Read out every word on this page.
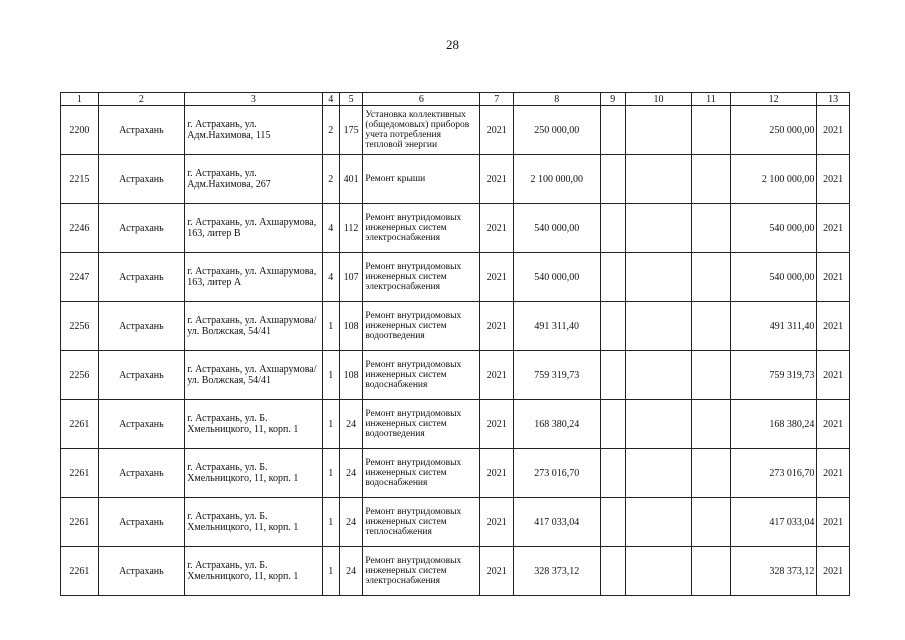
28
1	2	3	4	5	6	7	8	9	10	11	12	13
2200	Астрахань	г. Астрахань, ул. Адм.Нахимова, 115	2	175	Установка коллективных (общедомовых) приборов учета потребления тепловой энергии	2021	250 000,00				250 000,00	2021
2215	Астрахань	г. Астрахань, ул. Адм.Нахимова, 267	2	401	Ремонт крыши	2021	2 100 000,00				2 100 000,00	2021
2246	Астрахань	г. Астрахань, ул. Ахшарумова, 163, литер В	4	112	Ремонт внутридомовых инженерных систем электроснабжения	2021	540 000,00				540 000,00	2021
2247	Астрахань	г. Астрахань, ул. Ахшарумова, 163, литер А	4	107	Ремонт внутридомовых инженерных систем электроснабжения	2021	540 000,00				540 000,00	2021
2256	Астрахань	г. Астрахань, ул. Ахшарумова/ ул. Волжская, 54/41	1	108	Ремонт внутридомовых инженерных систем водоотведения	2021	491 311,40				491 311,40	2021
2256	Астрахань	г. Астрахань, ул. Ахшарумова/ ул. Волжская, 54/41	1	108	Ремонт внутридомовых инженерных систем водоснабжения	2021	759 319,73				759 319,73	2021
2261	Астрахань	г. Астрахань, ул. Б. Хмельницкого, 11, корп. 1	1	24	Ремонт внутридомовых инженерных систем водоотведения	2021	168 380,24				168 380,24	2021
2261	Астрахань	г. Астрахань, ул. Б. Хмельницкого, 11, корп. 1	1	24	Ремонт внутридомовых инженерных систем водоснабжения	2021	273 016,70				273 016,70	2021
2261	Астрахань	г. Астрахань, ул. Б. Хмельницкого, 11, корп. 1	1	24	Ремонт внутридомовых инженерных систем теплоснабжения	2021	417 033,04				417 033,04	2021
2261	Астрахань	г. Астрахань, ул. Б. Хмельницкого, 11, корп. 1	1	24	Ремонт внутридомовых инженерных систем электроснабжения	2021	328 373,12				328 373,12	2021
